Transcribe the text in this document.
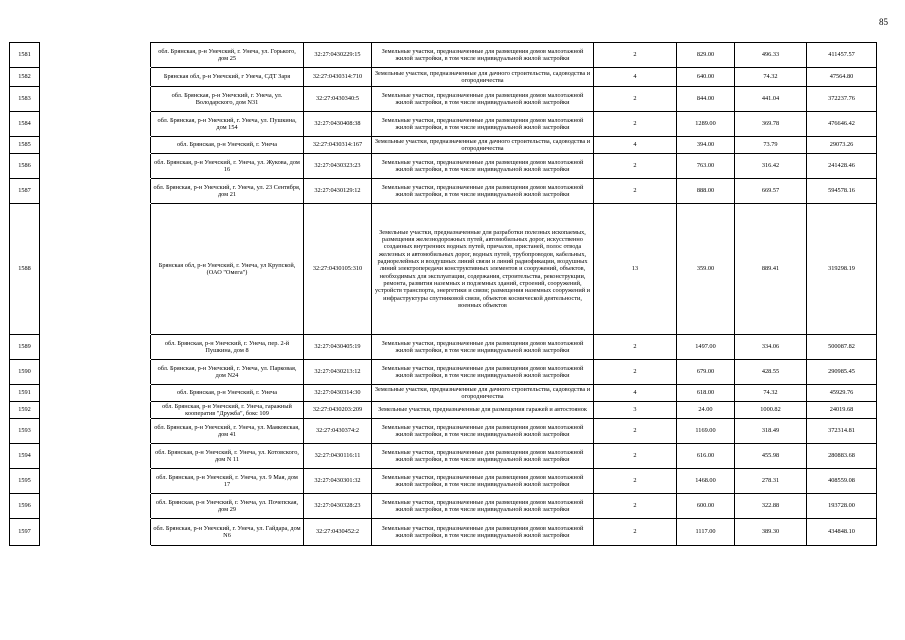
85
1581		обл. Брянская, р-н Унечский, г. Унеча, ул. Горького, дом 25	32:27:0430229:15	Земельные участки, предназначенные для размещения домов малоэтажной жилой застройки, в том числе индивидуальной жилой застройки	2	829.00	496.33	411457.57
1582		Брянская обл, р-н Унечский, г Унеча, СДТ Заря	32:27:0430314:710	Земельные участки, предназначенные для дачного строительства, садоводства и огородничества	4	640.00	74.32	47564.80
1583		обл. Брянская, р-н Унечский, г. Унеча, ул. Володарского, дом N31	32:27:0430340:5	Земельные участки, предназначенные для размещения домов малоэтажной жилой застройки, в том числе индивидуальной жилой застройки	2	844.00	441.04	372237.76
1584		обл. Брянская, р-н Унечский, г. Унеча, ул. Пушкина, дом 154	32:27:0430408:38	Земельные участки, предназначенные для размещения домов малоэтажной жилой застройки, в том числе индивидуальной жилой застройки	2	1289.00	369.78	476646.42
1585		обл. Брянская, р-н Унечский, г. Унеча	32:27:0430314:167	Земельные участки, предназначенные для дачного строительства, садоводства и огородничества	4	394.00	73.79	29073.26
1586		обл. Брянская, р-н Унечский, г. Унеча, ул. Жукова, дом 16	32:27:0430323:23	Земельные участки, предназначенные для размещения домов малоэтажной жилой застройки, в том числе индивидуальной жилой застройки	2	763.00	316.42	241428.46
1587		обл. Брянская, р-н Унечский, г. Унеча, ул. 23 Сентября, дом 21	32:27:0430129:12	Земельные участки, предназначенные для размещения домов малоэтажной жилой застройки, в том числе индивидуальной жилой застройки	2	888.00	669.57	594578.16
1588		Брянская обл, р-н Унечский, г. Унеча, ул Крупской, (ОАО "Омега")	32:27:0430105:310	Земельные участки, предназначенные для разработки полезных ископаемых, размещения железнодорожных путей, автомобильных дорог, искусственно созданных внутренних водных путей, причалов, пристаней, полос отвода железных и автомобильных дорог, водных путей, трубопроводов, кабельных, радиорелейных и воздушных линий связи и линий радиофикации, воздушных линий электропередачи конструктивных элементов и сооружений, объектов, необходимых для эксплуатации, содержания, строительства, реконструкции, ремонта, развития наземных и подземных зданий, строений, сооружений, устройств транспорта, энергетики и связи; размещения наземных сооружений и инфраструктуры спутниковой связи, объектов космической деятельности, военных объектов	13	359.00	889.41	319298.19
1589		обл. Брянская, р-н Унечский, г. Унеча, пер. 2-й Пушкина, дом 8	32:27:0430405:19	Земельные участки, предназначенные для размещения домов малоэтажной жилой застройки, в том числе индивидуальной жилой застройки	2	1497.00	334.06	500087.82
1590		обл. Брянская, р-н Унечский, г. Унеча, ул. Парковая, дом N24	32:27:0430213:12	Земельные участки, предназначенные для размещения домов малоэтажной жилой застройки, в том числе индивидуальной жилой застройки	2	679.00	428.55	290985.45
1591		обл. Брянская, р-н Унечский, г. Унеча	32:27:0430314:30	Земельные участки, предназначенные для дачного строительства, садоводства и огородничества	4	618.00	74.32	45929.76
1592		обл. Брянская, р-н Унечский, г. Унеча, гаражный кооператив "Дружба", бокс 109	32:27:0430203:209	Земельные участки, предназначенные для размещения гаражей и автостоянок	3	24.00	1000.82	24019.68
1593		обл. Брянская, р-н Унечский, г. Унеча, ул. Маяковская, дом 41	32:27:0430374:2	Земельные участки, предназначенные для размещения домов малоэтажной жилой застройки, в том числе индивидуальной жилой застройки	2	1169.00	318.49	372314.81
1594		обл. Брянская, р-н Унечский, г. Унеча, ул. Котовского, дом N 11	32:27:0430116:11	Земельные участки, предназначенные для размещения домов малоэтажной жилой застройки, в том числе индивидуальной жилой застройки	2	616.00	455.98	280883.68
1595		обл. Брянская, р-н Унечский, г. Унеча, ул. 9 Мая, дом 17	32:27:0430301:32	Земельные участки, предназначенные для размещения домов малоэтажной жилой застройки, в том числе индивидуальной жилой застройки	2	1468.00	278.31	408559.08
1596		обл. Брянская, р-н Унечский, г. Унеча, ул. Почепская, дом 29	32:27:0430328:23	Земельные участки, предназначенные для размещения домов малоэтажной жилой застройки, в том числе индивидуальной жилой застройки	2	600.00	322.88	193728.00
1597		обл. Брянская, р-н Унечский, г. Унеча, ул. Гайдара, дом N6	32:27:0430452:2	Земельные участки, предназначенные для размещения домов малоэтажной жилой застройки, в том числе индивидуальной жилой застройки	2	1117.00	389.30	434848.10
